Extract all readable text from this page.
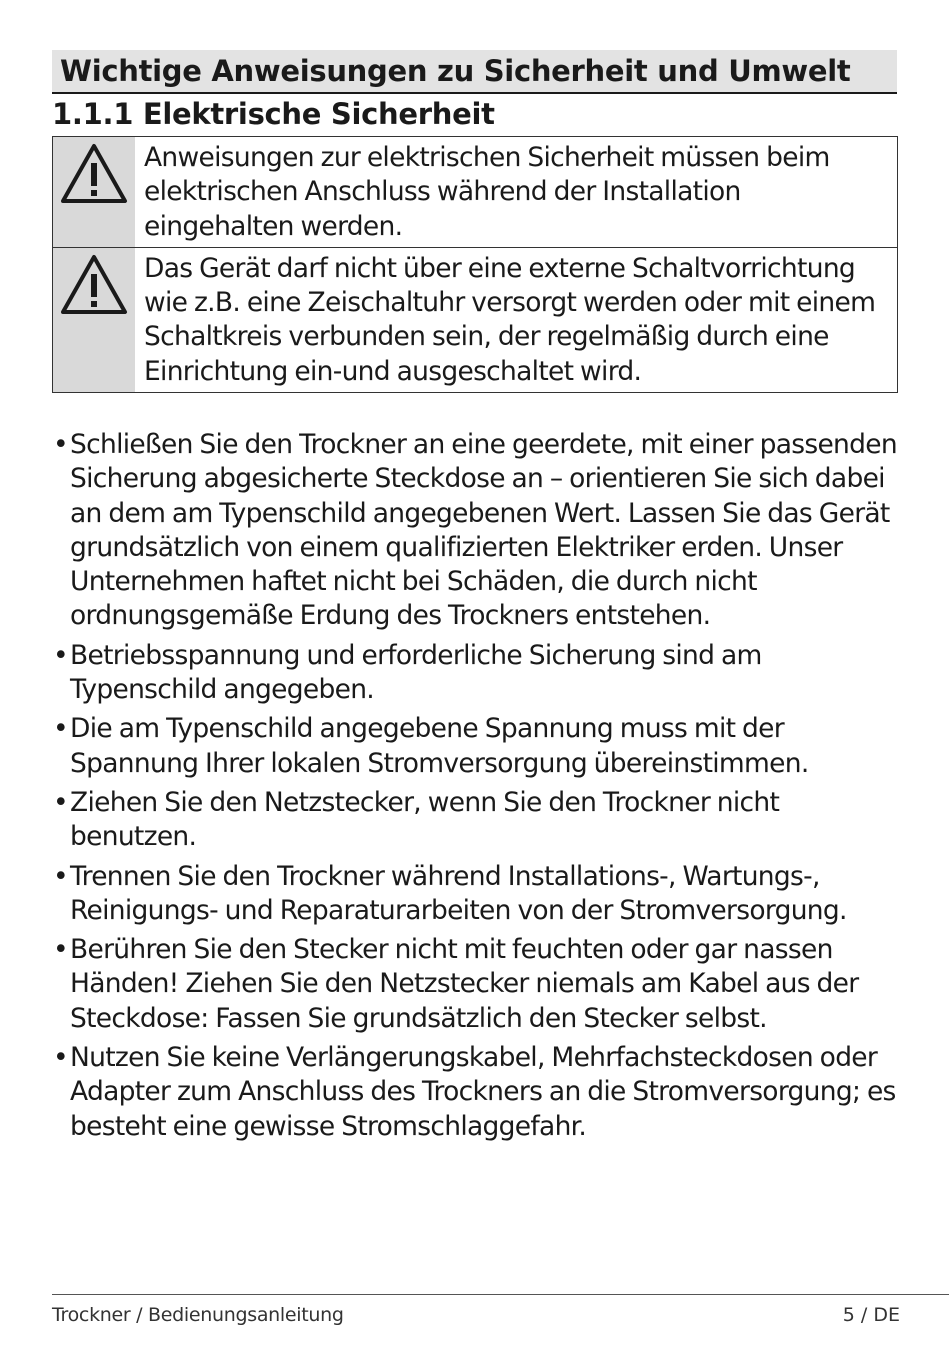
Wichtige Anweisungen zu Sicherheit und Umwelt
1.1.1 Elektrische Sicherheit
Anweisungen zur elektrischen Sicherheit müssen beim elektrischen Anschluss während der Installation eingehalten werden.
Das Gerät darf nicht über eine externe Schaltvorrichtung wie z.B. eine Zeischaltuhr versorgt werden oder mit einem Schaltkreis verbunden sein, der regelmäßig durch eine Einrichtung ein-und ausgeschaltet wird.
• Schließen Sie den Trockner an eine geerdete, mit einer passenden Sicherung abgesicherte Steckdose an – orientieren Sie sich dabei an dem am Typenschild angegebenen Wert. Lassen Sie das Gerät grundsätzlich von einem qualifizierten Elektriker erden. Unser Unternehmen haftet nicht bei Schäden, die durch nicht ordnungsgemäße Erdung des Trockners entstehen.
• Betriebsspannung und erforderliche Sicherung sind am Typenschild angegeben.
• Die am Typenschild angegebene Spannung muss mit der Spannung Ihrer lokalen Stromversorgung übereinstimmen.
• Ziehen Sie den Netzstecker, wenn Sie den Trockner nicht benutzen.
• Trennen Sie den Trockner während Installations-, Wartungs-, Reinigungs- und Reparaturarbeiten von der Stromversorgung.
• Berühren Sie den Stecker nicht mit feuchten oder gar nassen Händen! Ziehen Sie den Netzstecker niemals am Kabel aus der Steckdose: Fassen Sie grundsätzlich den Stecker selbst.
• Nutzen Sie keine Verlängerungskabel, Mehrfachsteckdosen oder Adapter zum Anschluss des Trockners an die Stromversorgung; es besteht eine gewisse Stromschlaggefahr.
Trockner / Bedienungsanleitung	5 / DE
